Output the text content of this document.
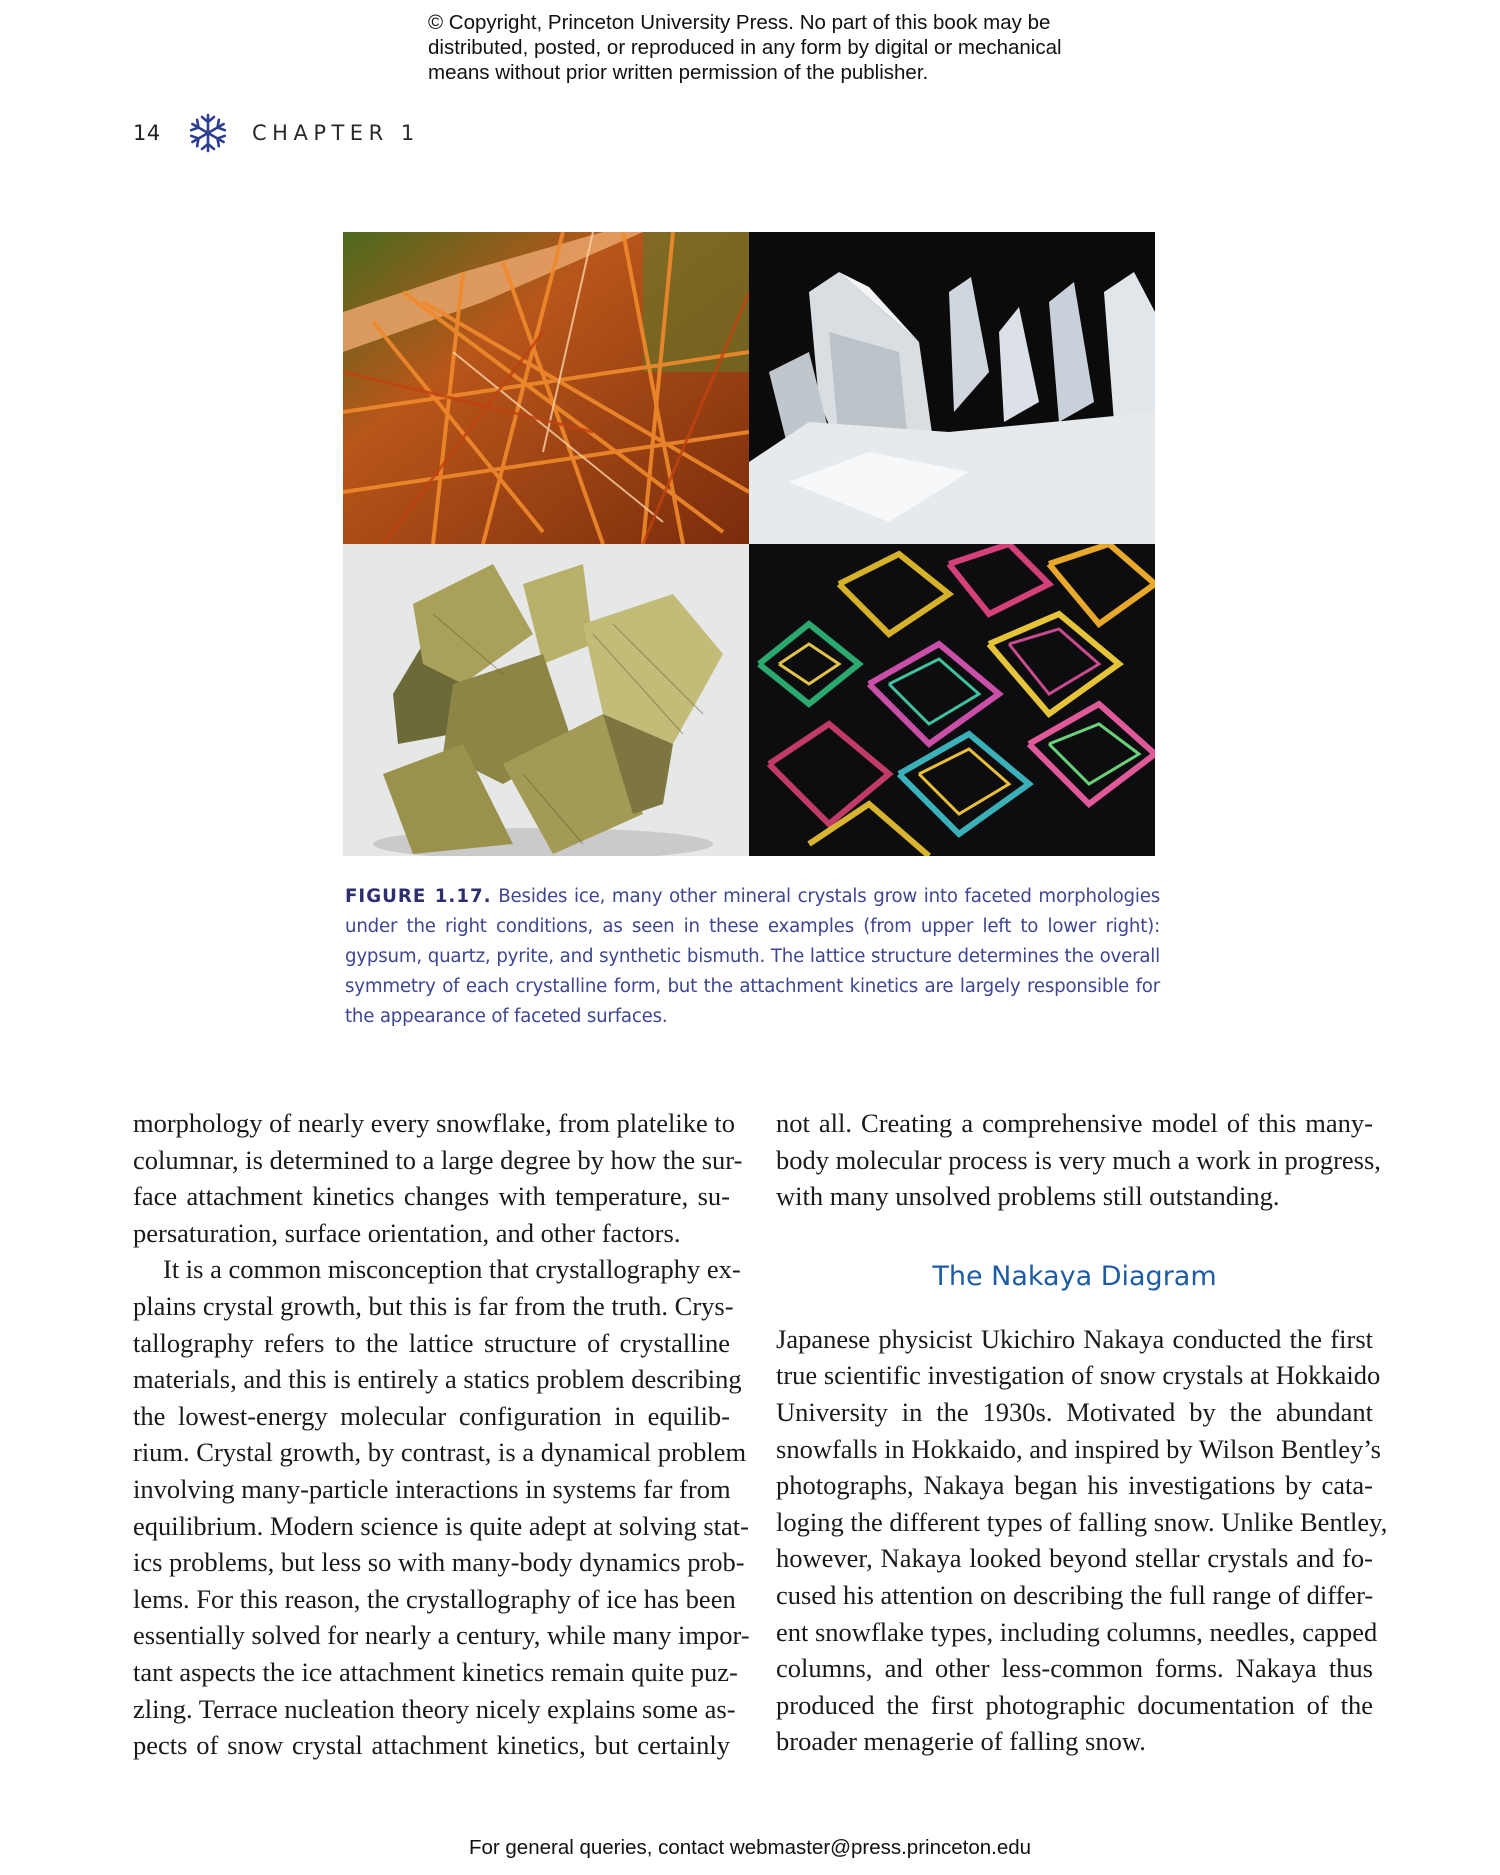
© Copyright, Princeton University Press. No part of this book may be
distributed, posted, or reproduced in any form by digital or mechanical
means without prior written permission of the publisher.
14	CHAPTER 1
FIGURE 1.17. Besides ice, many other mineral crystals grow into faceted morphologies under the right conditions, as seen in these examples (from upper left to lower right): gypsum, quartz, pyrite, and synthetic bismuth. The lattice structure determines the overall symmetry of each crystalline form, but the attachment kinetics are largely responsible for the appearance of faceted surfaces.

morphology of nearly every snowflake, from platelike to
columnar, is determined to a large degree by how the sur-
face attachment kinetics changes with temperature, su-
persaturation, surface orientation, and other factors.

It is a common misconception that crystallography ex-
plains crystal growth, but this is far from the truth. Crys-
tallography refers to the lattice structure of crystalline
materials, and this is entirely a statics problem describing
the lowest-energy molecular configuration in equilib-
rium. Crystal growth, by contrast, is a dynamical problem
involving many-particle interactions in systems far from
equilibrium. Modern science is quite adept at solving stat-
ics problems, but less so with many-body dynamics prob-
lems. For this reason, the crystallography of ice has been
essentially solved for nearly a century, while many impor-
tant aspects the ice attachment kinetics remain quite puz-
zling. Terrace nucleation theory nicely explains some as-
pects of snow crystal attachment kinetics, but certainly

not all. Creating a comprehensive model of this many-
body molecular process is very much a work in progress,
with many unsolved problems still outstanding.

The Nakaya Diagram

Japanese physicist Ukichiro Nakaya conducted the first
true scientific investigation of snow crystals at Hokkaido
University in the 1930s. Motivated by the abundant
snowfalls in Hokkaido, and inspired by Wilson Bentley’s
photographs, Nakaya began his investigations by cata-
loging the different types of falling snow. Unlike Bentley,
however, Nakaya looked beyond stellar crystals and fo-
cused his attention on describing the full range of differ-
ent snowflake types, including columns, needles, capped
columns, and other less-common forms. Nakaya thus
produced the first photographic documentation of the
broader menagerie of falling snow.

For general queries, contact webmaster@press.princeton.edu
